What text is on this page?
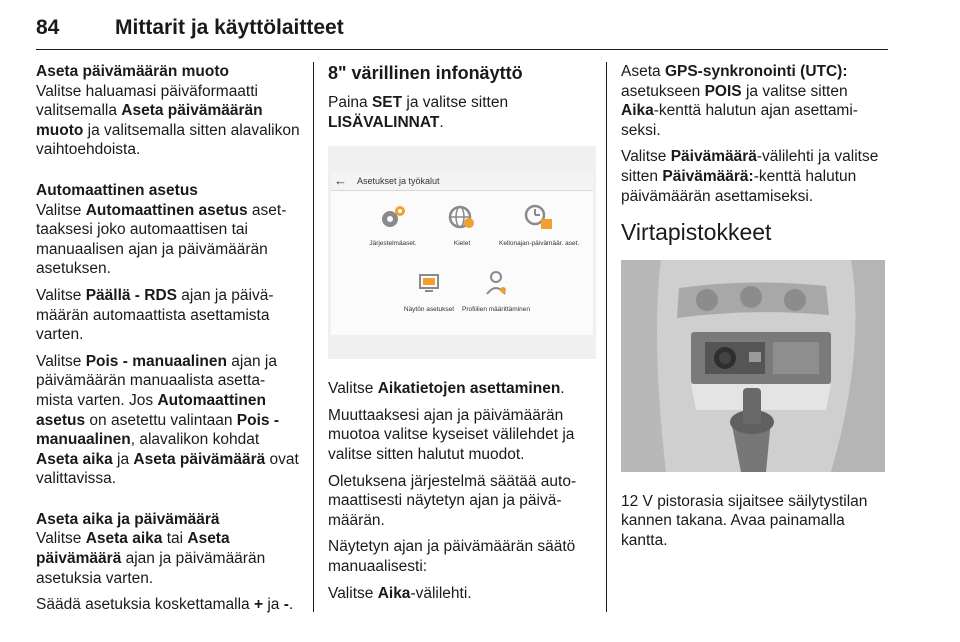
84	Mittarit ja käyttölaitteet
Aseta päivämäärän muoto

Valitse haluamasi päiväformaatti valitsemalla Aseta päivämäärän muoto ja valitsemalla sitten alavalikon vaihtoehdoista.

Automaattinen asetus

Valitse Automaattinen asetus aset-taaksesi joko automaattisen tai manuaalisen ajan ja päivämäärän asetuksen.

Valitse Päällä - RDS ajan ja päivä-määrän automaattista asettamista varten.

Valitse Pois - manuaalinen ajan ja päivämäärän manuaalista asetta-mista varten. Jos Automaattinen asetus on asetettu valintaan Pois - manuaalinen, alavalikon kohdat Aseta aika ja Aseta päivämäärä ovat valittavissa.

Aseta aika ja päivämäärä

Valitse Aseta aika tai Aseta päivämäärä ajan ja päivämäärän asetuksia varten.

Säädä asetuksia koskettamalla + ja -.

8" värillinen infonäyttö

Paina SET ja valitse sitten LISÄVALINNAT.

← Asetukset ja työkalut
Järjestelmäaset.	Kielet	Kellonajan-päivämäär. aset.
Näytön asetukset	Profiilien määrittäminen

Valitse Aikatietojen asettaminen.

Muuttaaksesi ajan ja päivämäärän muotoa valitse kyseiset välilehdet ja valitse sitten halutut muodot.

Oletuksena järjestelmä säätää auto-maattisesti näytetyn ajan ja päivä-määrän.

Näytetyn ajan ja päivämäärän säätö manuaalisesti:

Valitse Aika-välilehti.

Aseta GPS-synkronointi (UTC): asetukseen POIS ja valitse sitten Aika-kenttä halutun ajan asettami-seksi.

Valitse Päivämäärä-välilehti ja valitse sitten Päivämäärä:-kenttä halutun päivämäärän asettamiseksi.

Virtapistokkeet

12 V pistorasia sijaitsee säilytystilan kannen takana. Avaa painamalla kantta.
